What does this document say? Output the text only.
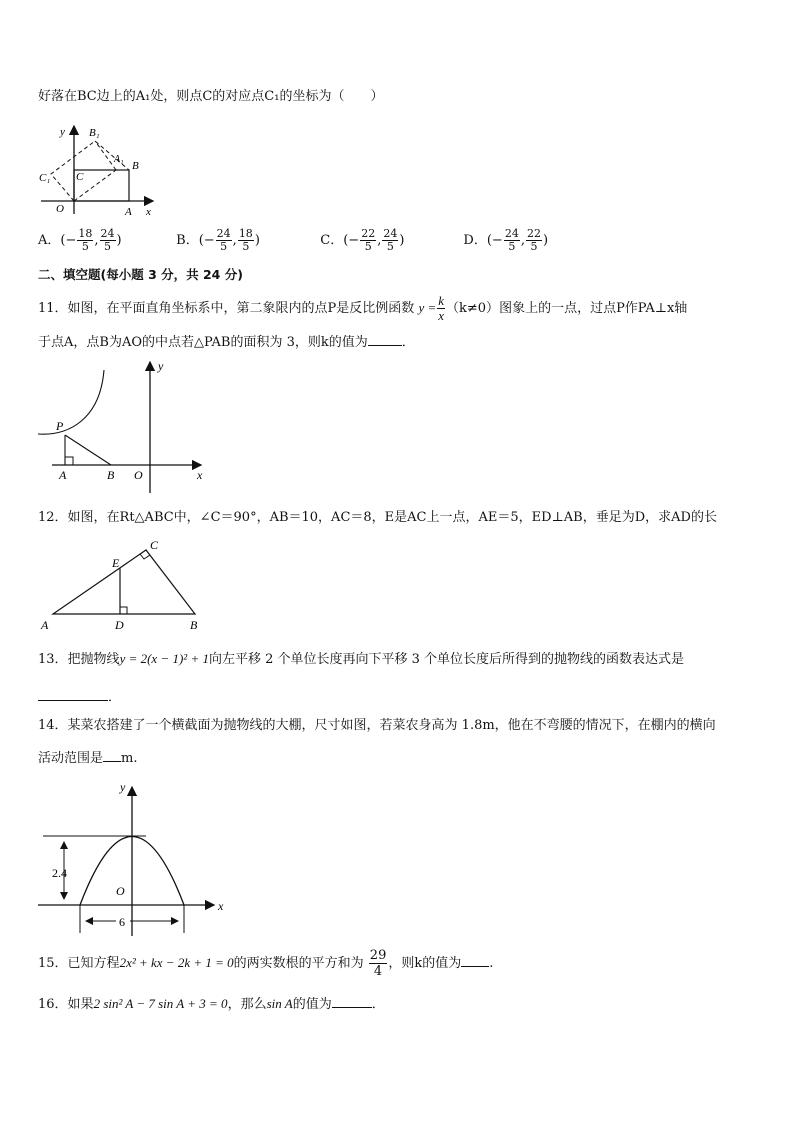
好落在BC边上的A₁处，则点C的对应点C₁的坐标为（　　）
y B₁
A₁
B
C
C₁
O	A x
A．(− $\frac{18}{5}$ , $\frac{24}{5}$ )	B．(− $\frac{24}{5}$ , $\frac{18}{5}$ )	C．(− $\frac{22}{5}$ , $\frac{24}{5}$ )	D．(− $\frac{24}{5}$ , $\frac{22}{5}$ )
二、填空题(每小题 3 分，共 24 分)
11．如图，在平面直角坐标系中，第二象限内的点P是反比例函数 $y = \frac{k}{x} (k\ne 0)$图象上的一点，过点P作PA⊥x轴
于点A，点B为AO的中点若△PAB的面积为 3，则k的值为	．
P
A	B O	x
y
12．如图，在Rt△ABC中，∠C＝90°，AB＝10，AC＝8，E是AC上一点，AE＝5，ED⊥AB，垂足为D，求AD的长
A	D	B
E
C
13．把抛物线y = 2(x − 1)² + 1向左平移 2 个单位长度再向下平移 3 个单位长度后所得到的抛物线的函数表达式是
．
14．某菜农搭建了一个横截面为抛物线的大棚，尺寸如图，若菜农身高为 1.8m，他在不弯腰的情况下，在棚内的横向
活动范围是 m.
2.4
6
O
y
x
15．已知方程2x² + kx − 2k + 1 = 0的两实数根的平方和为 $\frac{29}{4}$ ，则k的值为 .
16．如果2 sin² A − 7 sin A + 3 = 0，那么sin A的值为	．
